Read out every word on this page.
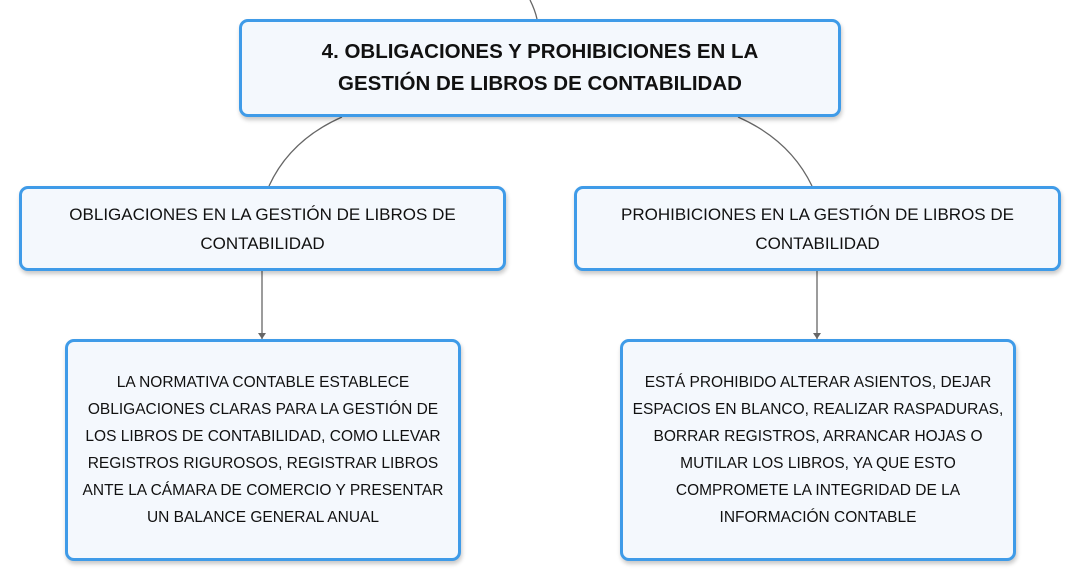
4. OBLIGACIONES Y PROHIBICIONES EN LA GESTIÓN DE LIBROS DE CONTABILIDAD
OBLIGACIONES EN LA GESTIÓN DE LIBROS DE CONTABILIDAD
PROHIBICIONES EN LA GESTIÓN DE LIBROS DE CONTABILIDAD
LA NORMATIVA CONTABLE ESTABLECE OBLIGACIONES CLARAS PARA LA GESTIÓN DE LOS LIBROS DE CONTABILIDAD, COMO LLEVAR REGISTROS RIGUROSOS, REGISTRAR LIBROS ANTE LA CÁMARA DE COMERCIO Y PRESENTAR UN BALANCE GENERAL ANUAL
ESTÁ PROHIBIDO ALTERAR ASIENTOS, DEJAR ESPACIOS EN BLANCO, REALIZAR RASPADURAS, BORRAR REGISTROS, ARRANCAR HOJAS O MUTILAR LOS LIBROS, YA QUE ESTO COMPROMETE LA INTEGRIDAD DE LA INFORMACIÓN CONTABLE
